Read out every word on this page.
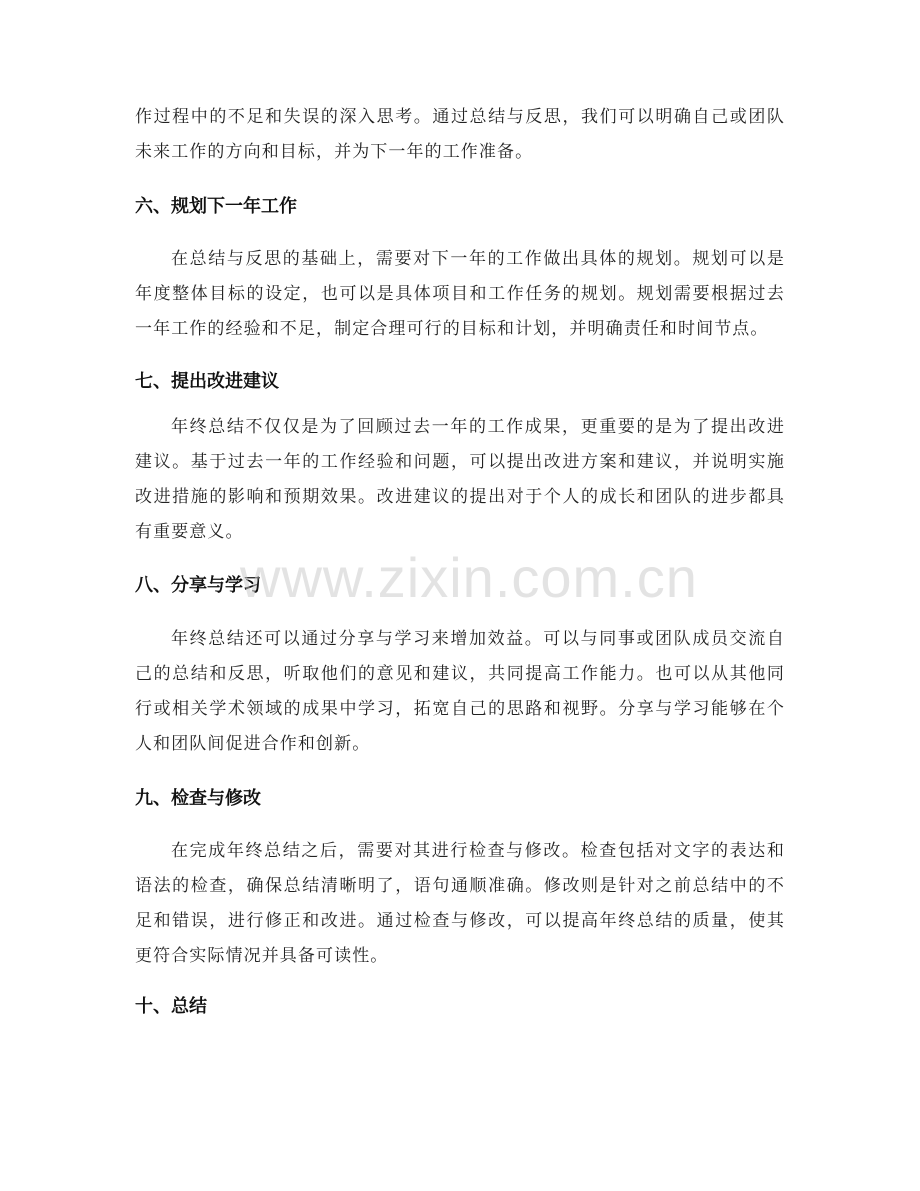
作过程中的不足和失误的深入思考。通过总结与反思，我们可以明确自己或团队未来工作的方向和目标，并为下一年的工作准备。

六、规划下一年工作

在总结与反思的基础上，需要对下一年的工作做出具体的规划。规划可以是年度整体目标的设定，也可以是具体项目和工作任务的规划。规划需要根据过去一年工作的经验和不足，制定合理可行的目标和计划，并明确责任和时间节点。

七、提出改进建议

年终总结不仅仅是为了回顾过去一年的工作成果，更重要的是为了提出改进建议。基于过去一年的工作经验和问题，可以提出改进方案和建议，并说明实施改进措施的影响和预期效果。改进建议的提出对于个人的成长和团队的进步都具有重要意义。

八、分享与学习

年终总结还可以通过分享与学习来增加效益。可以与同事或团队成员交流自己的总结和反思，听取他们的意见和建议，共同提高工作能力。也可以从其他同行或相关学术领域的成果中学习，拓宽自己的思路和视野。分享与学习能够在个人和团队间促进合作和创新。

九、检查与修改

在完成年终总结之后，需要对其进行检查与修改。检查包括对文字的表达和语法的检查，确保总结清晰明了，语句通顺准确。修改则是针对之前总结中的不足和错误，进行修正和改进。通过检查与修改，可以提高年终总结的质量，使其更符合实际情况并具备可读性。

十、总结
www.zixin.com.cn
